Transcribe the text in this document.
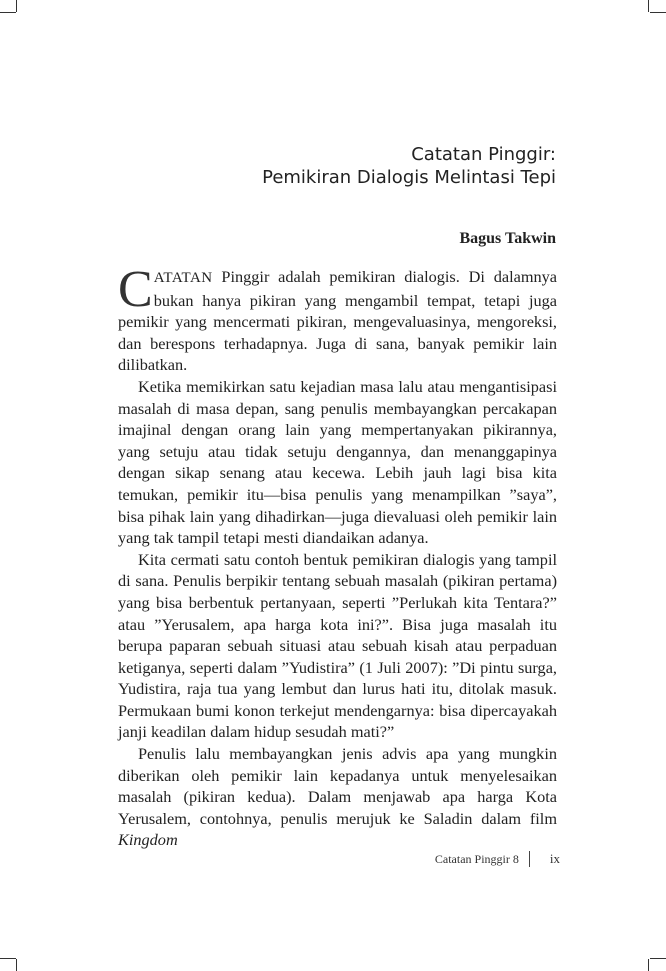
Catatan Pinggir:
Pemikiran Dialogis Melintasi Tepi
Bagus Takwin

CATATAN Pinggir adalah pemikiran dialogis. Di dalamnya bukan hanya pikiran yang mengambil tempat, tetapi juga pemikir yang mencermati pikiran, mengevaluasinya, mengoreksi, dan berespons terhadapnya. Juga di sana, banyak pemikir lain dilibatkan.

Ketika memikirkan satu kejadian masa lalu atau mengantisipasi masalah di masa depan, sang penulis membayangkan percakapan imajinal dengan orang lain yang mempertanyakan pikirannya, yang setuju atau tidak setuju dengannya, dan menanggapinya dengan sikap senang atau kecewa. Lebih jauh lagi bisa kita temukan, pemikir itu—bisa penulis yang menampilkan ”saya”, bisa pihak lain yang dihadirkan—juga dievaluasi oleh pemikir lain yang tak tampil tetapi mesti diandaikan adanya.

Kita cermati satu contoh bentuk pemikiran dialogis yang tampil di sana. Penulis berpikir tentang sebuah masalah (pikiran pertama) yang bisa berbentuk pertanyaan, seperti ”Perlukah kita Tentara?” atau ”Yerusalem, apa harga kota ini?”. Bisa juga masalah itu berupa paparan sebuah situasi atau sebuah kisah atau perpaduan ketiganya, seperti dalam ”Yudistira” (1 Juli 2007): ”Di pintu surga, Yudistira, raja tua yang lembut dan lurus hati itu, ditolak masuk. Permukaan bumi konon terkejut mendengarnya: bisa dipercayakah janji keadilan dalam hidup sesudah mati?”

Penulis lalu membayangkan jenis advis apa yang mungkin diberikan oleh pemikir lain kepadanya untuk menyelesaikan masalah (pikiran kedua). Dalam menjawab apa harga Kota Yerusalem, contohnya, penulis merujuk ke Saladin dalam film Kingdom

Catatan Pinggir 8 ix
